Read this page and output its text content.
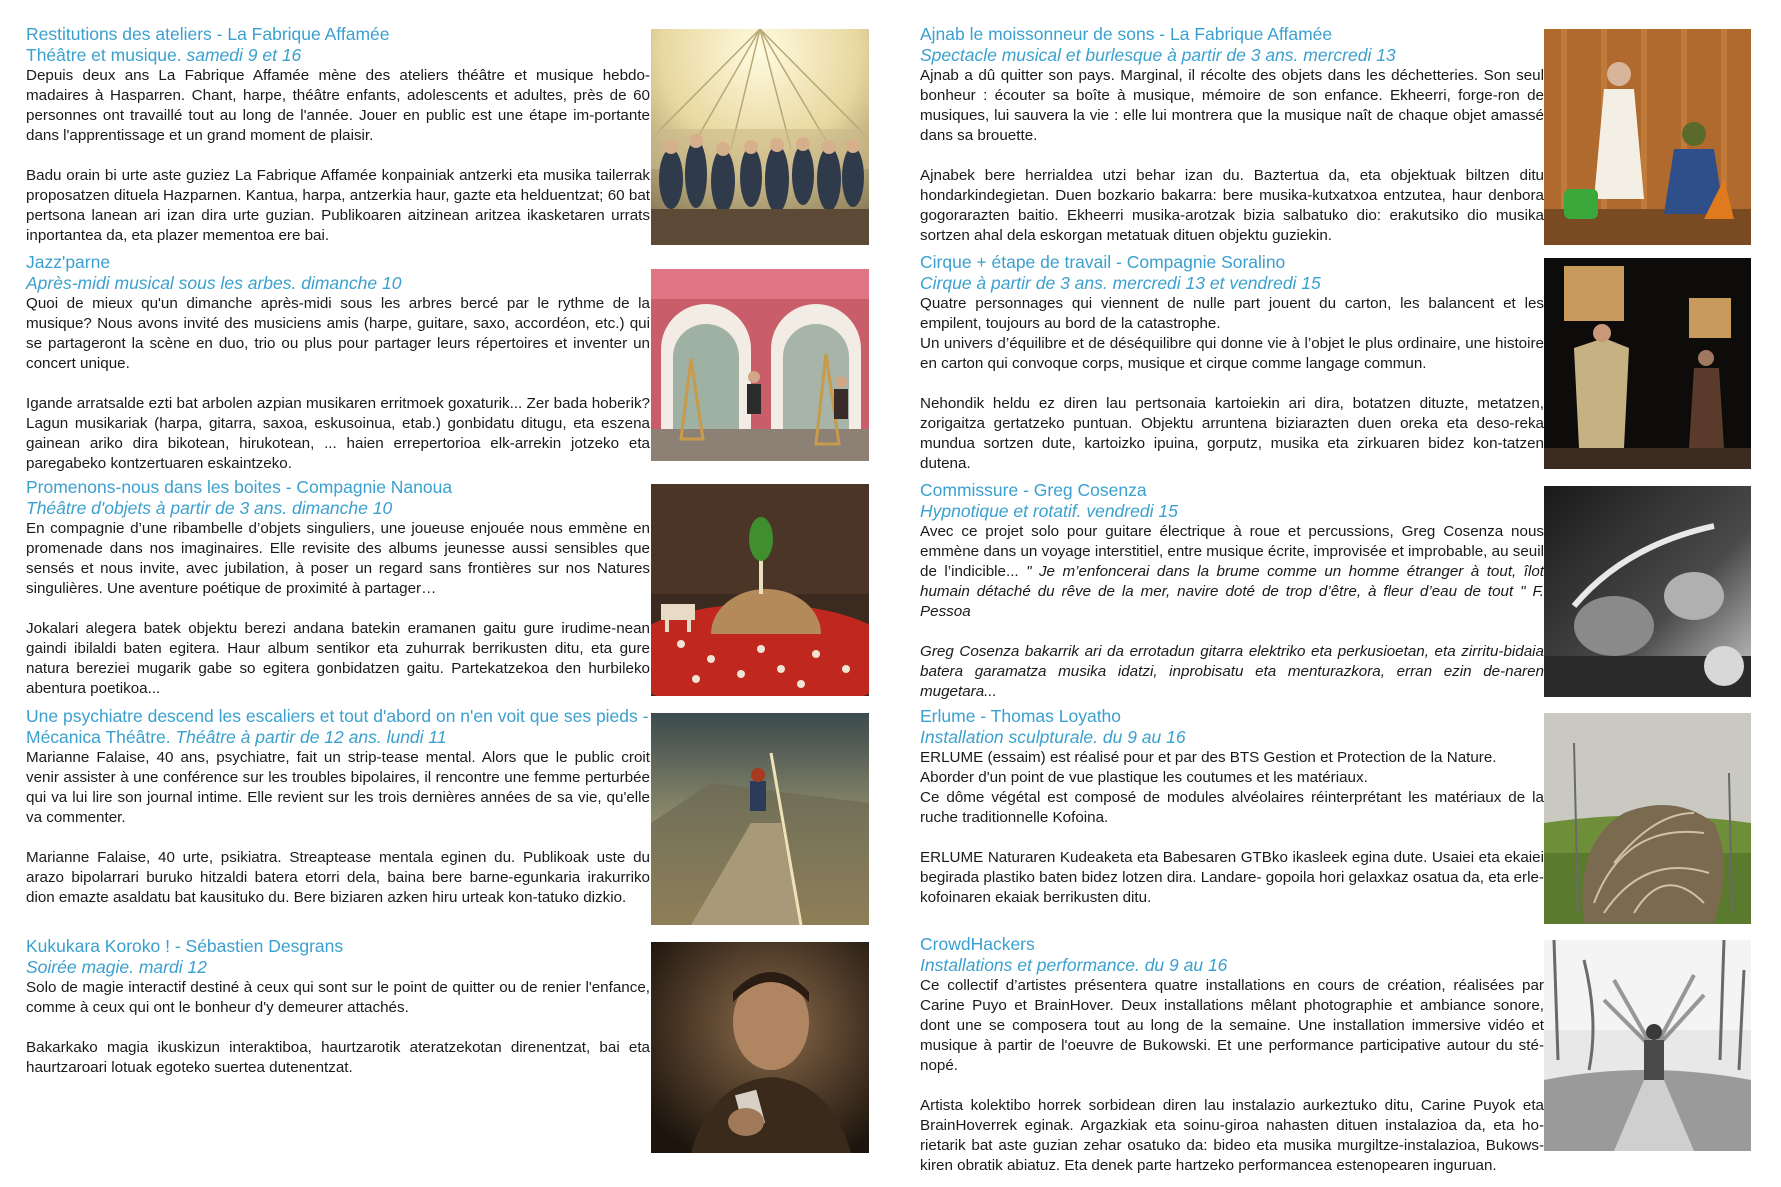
Restitutions des ateliers - La Fabrique Affamée
Théâtre et musique. samedi 9 et 16

Depuis deux ans La Fabrique Affamée mène des ateliers théâtre et musique hebdo-madaires à Hasparren. Chant, harpe, théâtre enfants, adolescents et adultes, près de 60 personnes ont travaillé tout au long de l'année. Jouer en public est une étape im-portante dans l'apprentissage et un grand moment de plaisir.

Badu orain bi urte aste guziez La Fabrique Affamée konpainiak antzerki eta musika tailerrak proposatzen dituela Hazparnen. Kantua, harpa, antzerkia haur, gazte eta helduentzat; 60 bat pertsona lanean ari izan dira urte guzian. Publikoaren aitzinean aritzea ikasketaren urrats inportantea da, eta plazer mementoa ere bai.

Jazz'parne
Après-midi musical sous les arbes. dimanche 10

Quoi de mieux qu'un dimanche après-midi sous les arbres bercé par le rythme de la musique? Nous avons invité des musiciens amis (harpe, guitare, saxo, accordéon, etc.) qui se partageront la scène en duo, trio ou plus pour partager leurs répertoires et inventer un concert unique.

Igande arratsalde ezti bat arbolen azpian musikaren erritmoek goxaturik... Zer bada hoberik? Lagun musikariak (harpa, gitarra, saxoa, eskusoinua, etab.) gonbidatu ditugu, eta eszena gainean ariko dira bikotean, hirukotean, ... haien errepertorioa elk-arrekin jotzeko eta paregabeko kontzertuaren eskaintzeko.

Promenons-nous dans les boites - Compagnie Nanoua
Théâtre d'objets à partir de 3 ans. dimanche 10

En compagnie d’une ribambelle d’objets singuliers, une joueuse enjouée nous emmène en promenade dans nos imaginaires. Elle revisite des albums jeunesse aussi sensibles que sensés et nous invite, avec jubilation, à poser un regard sans frontières sur nos Natures singulières. Une aventure poétique de proximité à partager…

Jokalari alegera batek objektu berezi andana batekin eramanen gaitu gure irudime-nean gaindi ibilaldi baten egitera. Haur album sentikor eta zuhurrak berrikusten ditu, eta gure natura bereziei mugarik gabe so egitera gonbidatzen gaitu. Partekatzekoa den hurbileko abentura poetikoa...

Une psychiatre descend les escaliers et tout d'abord on n'en voit que ses pieds -
Mécanica Théâtre. Théâtre à partir de 12 ans. lundi 11

Marianne Falaise, 40 ans, psychiatre, fait un strip-tease mental. Alors que le public croit venir assister à une conférence sur les troubles bipolaires, il rencontre une femme perturbée qui va lui lire son journal intime. Elle revient sur les trois dernières années de sa vie, qu'elle va commenter.

Marianne Falaise, 40 urte, psikiatra. Streaptease mentala eginen du. Publikoak uste du arazo bipolarrari buruko hitzaldi batera etorri dela, baina bere barne-egunkaria irakurriko dion emazte asaldatu bat kausituko du. Bere biziaren azken hiru urteak kon-tatuko dizkio.

Kukukara Koroko ! - Sébastien Desgrans
Soirée magie. mardi 12

Solo de magie interactif destiné à ceux qui sont sur le point de quitter ou de renier l'enfance, comme à ceux qui ont le bonheur d'y demeurer attachés.

Bakarkako magia ikuskizun interaktiboa, haurtzarotik ateratzekotan direnentzat, bai eta haurtzaroari lotuak egoteko suertea dutenentzat.

Ajnab le moissonneur de sons - La Fabrique Affamée
Spectacle musical et burlesque à partir de 3 ans. mercredi 13

Ajnab a dû quitter son pays. Marginal, il récolte des objets dans les déchetteries. Son seul bonheur : écouter sa boîte à musique, mémoire de son enfance. Ekheerri, forge-ron de musiques, lui sauvera la vie : elle lui montrera que la musique naît de chaque objet amassé dans sa brouette.

Ajnabek bere herrialdea utzi behar izan du. Baztertua da, eta objektuak biltzen ditu hondarkindegietan. Duen bozkario bakarra: bere musika-kutxatxoa entzutea, haur denbora gogorarazten baitio. Ekheerri musika-arotzak bizia salbatuko dio: erakutsiko dio musika sortzen ahal dela eskorgan metatuak dituen objektu guziekin.

Cirque + étape de travail - Compagnie Soralino
Cirque à partir de 3 ans. mercredi 13 et vendredi 15

Quatre personnages qui viennent de nulle part jouent du carton, les balancent et les empilent, toujours au bord de la catastrophe.
Un univers d’équilibre et de déséquilibre qui donne vie à l’objet le plus ordinaire, une histoire en carton qui convoque corps, musique et cirque comme langage commun.

Nehondik heldu ez diren lau pertsonaia kartoiekin ari dira, botatzen dituzte, metatzen, zorigaitza gertatzeko puntuan. Objektu arruntena biziarazten duen oreka eta deso-reka mundua sortzen dute, kartoizko ipuina, gorputz, musika eta zirkuaren bidez kon-tatzen dutena.

Commissure - Greg Cosenza
Hypnotique et rotatif. vendredi 15

Avec ce projet solo pour guitare électrique à roue et percussions, Greg Cosenza nous emmène dans un voyage interstitiel, entre musique écrite, improvisée et improbable, au seuil de l’indicible... " Je m’enfoncerai dans la brume comme un homme étranger à tout, îlot humain détaché du rêve de la mer, navire doté de trop d’être, à fleur d’eau de tout " F. Pessoa

Greg Cosenza bakarrik ari da errotadun gitarra elektriko eta perkusioetan, eta zirritu-bidaia batera garamatza musika idatzi, inprobisatu eta menturazkora, erran ezin de-naren mugetara...

Erlume - Thomas Loyatho
Installation sculpturale. du 9 au 16

ERLUME (essaim) est réalisé pour et par des BTS Gestion et Protection de la Nature.
Aborder d'un point de vue plastique les coutumes et les matériaux.
Ce dôme végétal est composé de modules alvéolaires réinterprétant les matériaux de la ruche traditionnelle Kofoina.

ERLUME Naturaren Kudeaketa eta Babesaren GTBko ikasleek egina dute. Usaiei eta ekaiei begirada plastiko baten bidez lotzen dira. Landare- gopoila hori gelaxkaz osatua da, eta erle-kofoinaren ekaiak berrikusten ditu.

CrowdHackers
Installations et performance. du 9 au 16

Ce collectif d’artistes présentera quatre installations en cours de création, réalisées par Carine Puyo et BrainHover. Deux installations mêlant photographie et ambiance sonore, dont une se composera tout au long de la semaine. Une installation immersive vidéo et musique à partir de l'oeuvre de Bukowski. Et une performance participative autour du sté-nopé.

Artista kolektibo horrek sorbidean diren lau instalazio aurkeztuko ditu, Carine Puyok eta BrainHoverrek eginak. Argazkiak eta soinu-giroa nahasten dituen instalazioa da, eta ho-rietarik bat aste guzian zehar osatuko da: bideo eta musika murgiltze-instalazioa, Bukows-kiren obratik abiatuz. Eta denek parte hartzeko performancea estenopearen inguruan.
